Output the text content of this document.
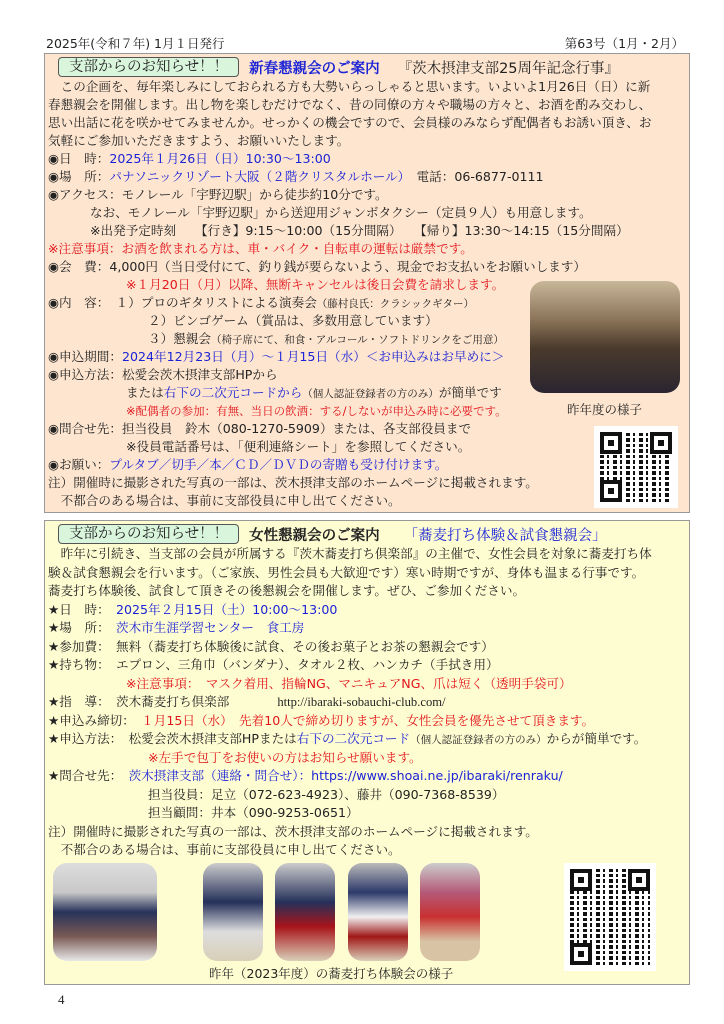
2025年(令和７年) 1月１日発行	第63号（1月・2月）
支部からのお知らせ！！	新春懇親会のご案内 『茨木摂津支部25周年記念行事』
　この企画を、毎年楽しみにしておられる方も大勢いらっしゃると思います。いよいよ1月26日（日）に新
春懇親会を開催します。出し物を楽しむだけでなく、昔の同僚の方々や職場の方々と、お酒を酌み交わし、
思い出話に花を咲かせてみませんか。せっかくの機会ですので、会員様のみならず配偶者もお誘い頂き、お
気軽にご参加いただきますよう、お願いいたします。
◉日　時：2025年１月26日（日）10:30～13:00
◉場　所：パナソニックリゾート大阪（２階クリスタルホール）　 電話：06-6877-0111
◉アクセス：モノレール「宇野辺駅」から徒歩約10分です。
なお、モノレール「宇野辺駅」から送迎用ジャンボタクシー（定員９人）も用意します。
※出発予定時刻　　【行き】9:15～10:00（15分間隔）　　【帰り】13:30～14:15（15分間隔）
※注意事項：お酒を飲まれる方は、車・バイク・自転車の運転は厳禁です。
◉会　費：4,000円（当日受付にて、釣り銭が要らないよう、現金でお支払いをお願いします）
※１月20日（月）以降、無断キャンセルは後日会費を請求します。
◉内　容：　 １）プロのギタリストによる演奏会（藤村良氏：クラシックギター）
２）ビンゴゲーム（賞品は、多数用意しています）
３）懇親会（椅子席にて、和食・アルコール・ソフトドリンクをご用意）
◉申込期間：2024年12月23日（月）～１月15日（水）＜お申込みはお早めに＞
◉申込方法：松愛会茨木摂津支部HPから
または右下の二次元コードから（個人認証登録者の方のみ）が簡単です
※配偶者の参加：有無、当日の飲酒：する/しないが申込み時に必要です。
◉問合せ先：担当役員　鈴木（080-1270-5909）または、各支部役員まで
※役員電話番号は、「便利連絡シート」を参照してください。
◉お願い：プルタブ／切手／本／ＣＤ／ＤＶＤの寄贈も受け付けます。
注）開催時に撮影された写真の一部は、茨木摂津支部のホームページに掲載されます。
　不都合のある場合は、事前に支部役員に申し出てください。
昨年度の様子
支部からのお知らせ！！	女性懇親会のご案内 「蕎麦打ち体験＆試食懇親会」
　昨年に引続き、当支部の会員が所属する『茨木蕎麦打ち倶楽部』の主催で、女性会員を対象に蕎麦打ち体
験＆試食懇親会を行います。（ご家族、男性会員も大歓迎です）寒い時期ですが、身体も温まる行事です。
蕎麦打ち体験後、試食して頂きその後懇親会を開催します。ぜひ、ご参加ください。
★日　時：　 2025年２月15日（土）10:00～13:00
★場　所：　 茨木市生涯学習センター　食工房
★参加費：　 無料（蕎麦打ち体験後に試食、その後お菓子とお茶の懇親会です）
★持ち物：　 エプロン、三角巾（バンダナ）、タオル２枚、ハンカチ（手拭き用）
※注意事項：　マスク着用、指輪NG、マニキュアNG、爪は短く（透明手袋可）
★指　導：　 茨木蕎麦打ち倶楽部	http://ibaraki-sobauchi-club.com/
★申込み締切：　 １月15日（水）　先着10人で締め切りますが、女性会員を優先させて頂きます。
★申込方法：　 松愛会茨木摂津支部HPまたは右下の二次元コード（個人認証登録者の方のみ）からが簡単です。
※左手で包丁をお使いの方はお知らせ願います。
★問合せ先：　 茨木摂津支部（連絡・問合せ）：https://www.shoai.ne.jp/ibaraki/renraku/
担当役員：足立（072-623-4923）、藤井（090-7368-8539）
担当顧問：井本（090-9253-0651）
注）開催時に撮影された写真の一部は、茨木摂津支部のホームページに掲載されます。
　不都合のある場合は、事前に支部役員に申し出てください。
昨年（2023年度）の蕎麦打ち体験会の様子
4
